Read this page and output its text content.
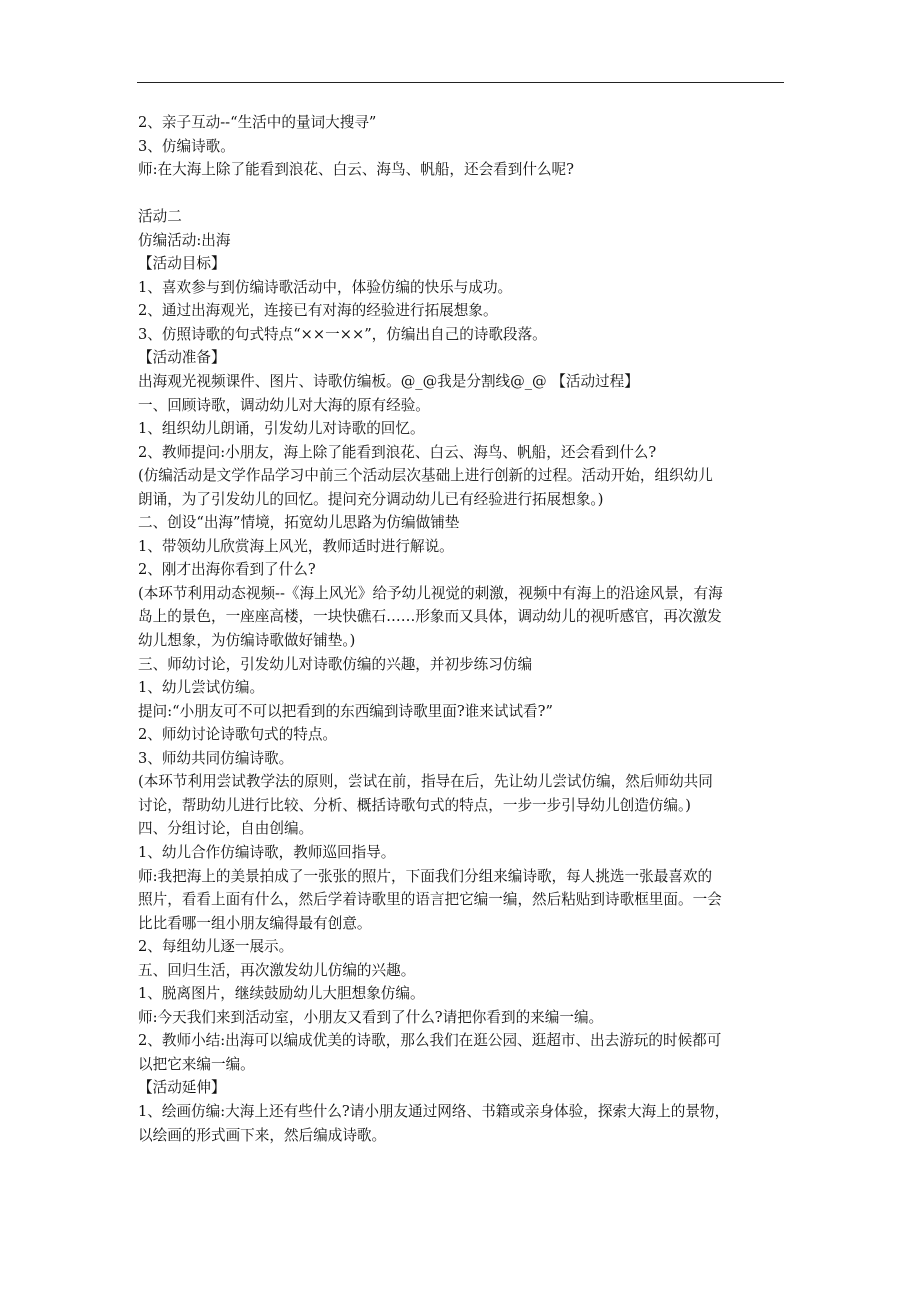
2、亲子互动--“生活中的量词大搜寻”
3、仿编诗歌。
师:在大海上除了能看到浪花、白云、海鸟、帆船，还会看到什么呢?
活动二
仿编活动:出海
【活动目标】
1、喜欢参与到仿编诗歌活动中，体验仿编的快乐与成功。
2、通过出海观光，连接已有对海的经验进行拓展想象。
3、仿照诗歌的句式特点“××一××”，仿编出自己的诗歌段落。
【活动准备】
出海观光视频课件、图片、诗歌仿编板。@_@我是分割线@_@ 【活动过程】
一、回顾诗歌，调动幼儿对大海的原有经验。
1、组织幼儿朗诵，引发幼儿对诗歌的回忆。
2、教师提问:小朋友，海上除了能看到浪花、白云、海鸟、帆船，还会看到什么?
(仿编活动是文学作品学习中前三个活动层次基础上进行创新的过程。活动开始，组织幼儿
朗诵，为了引发幼儿的回忆。提问充分调动幼儿已有经验进行拓展想象。)
二、创设“出海”情境，拓宽幼儿思路为仿编做铺垫
1、带领幼儿欣赏海上风光，教师适时进行解说。
2、刚才出海你看到了什么?
(本环节利用动态视频--《海上风光》给予幼儿视觉的刺激，视频中有海上的沿途风景，有海
岛上的景色，一座座高楼，一块快礁石……形象而又具体，调动幼儿的视听感官，再次激发
幼儿想象，为仿编诗歌做好铺垫。)
三、师幼讨论，引发幼儿对诗歌仿编的兴趣，并初步练习仿编
1、幼儿尝试仿编。
提问:“小朋友可不可以把看到的东西编到诗歌里面?谁来试试看?”
2、师幼讨论诗歌句式的特点。
3、师幼共同仿编诗歌。
(本环节利用尝试教学法的原则，尝试在前，指导在后，先让幼儿尝试仿编，然后师幼共同
讨论，帮助幼儿进行比较、分析、概括诗歌句式的特点，一步一步引导幼儿创造仿编。)
四、分组讨论，自由创编。
1、幼儿合作仿编诗歌，教师巡回指导。
师:我把海上的美景拍成了一张张的照片，下面我们分组来编诗歌，每人挑选一张最喜欢的
照片，看看上面有什么，然后学着诗歌里的语言把它编一编，然后粘贴到诗歌框里面。一会
比比看哪一组小朋友编得最有创意。
2、每组幼儿逐一展示。
五、回归生活，再次激发幼儿仿编的兴趣。
1、脱离图片，继续鼓励幼儿大胆想象仿编。
师:今天我们来到活动室，小朋友又看到了什么?请把你看到的来编一编。
2、教师小结:出海可以编成优美的诗歌，那么我们在逛公园、逛超市、出去游玩的时候都可
以把它来编一编。
【活动延伸】
1、绘画仿编:大海上还有些什么?请小朋友通过网络、书籍或亲身体验，探索大海上的景物，
以绘画的形式画下来，然后编成诗歌。
